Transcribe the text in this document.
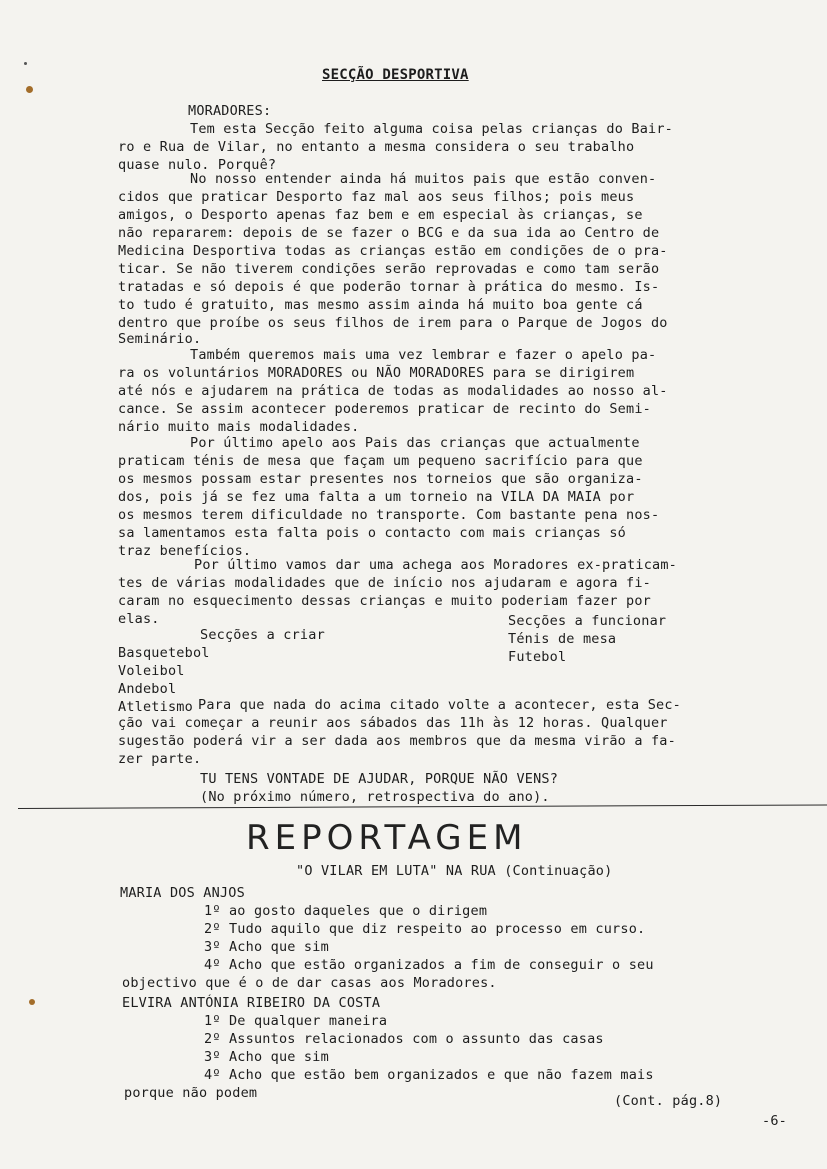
SECÇÃO DESPORTIVA
MORADORES:
Tem esta Secção feito alguma coisa pelas crianças do Bair-
ro e Rua de Vilar, no entanto a mesma considera o seu trabalho
quase nulo. Porquê?
No nosso entender ainda há muitos pais que estão conven-
cidos que praticar Desporto faz mal aos seus filhos; pois meus
amigos, o Desporto apenas faz bem e em especial às crianças, se
não repararem: depois de se fazer o BCG e da sua ida ao Centro de
Medicina Desportiva todas as crianças estão em condições de o pra-
ticar. Se não tiverem condições serão reprovadas e como tam serão
tratadas e só depois é que poderão tornar à prática do mesmo. Is-
to tudo é gratuito, mas mesmo assim ainda há muito boa gente cá
dentro que proíbe os seus filhos de irem para o Parque de Jogos do
Seminário.
Também queremos mais uma vez lembrar e fazer o apelo pa-
ra os voluntários MORADORES ou NÃO MORADORES para se dirigirem
até nós e ajudarem na prática de todas as modalidades ao nosso al-
cance. Se assim acontecer poderemos praticar de recinto do Semi-
nário muito mais modalidades.
Por último apelo aos Pais das crianças que actualmente
praticam ténis de mesa que façam um pequeno sacrifício para que
os mesmos possam estar presentes nos torneios que são organiza-
dos, pois já se fez uma falta a um torneio na VILA DA MAIA por
os mesmos terem dificuldade no transporte. Com bastante pena nos-
sa lamentamos esta falta pois o contacto com mais crianças só
traz benefícios.
Por último vamos dar uma achega aos Moradores ex-praticam-
tes de várias modalidades que de início nos ajudaram e agora fi-
caram no esquecimento dessas crianças e muito poderiam fazer por
elas.
Secções a criar
Basquetebol
Voleibol
Andebol
Atletismo
Secções a funcionar
Ténis de mesa
Futebol
Para que nada do acima citado volte a acontecer, esta Sec-
ção vai começar a reunir aos sábados das 11h às 12 horas. Qualquer
sugestão poderá vir a ser dada aos membros que da mesma virão a fa-
zer parte.
TU TENS VONTADE DE AJUDAR, PORQUE NÃO VENS?
(No próximo número, retrospectiva do ano).
REPORTAGEM
"O VILAR EM LUTA" NA RUA (Continuação)
MARIA DOS ANJOS
1º ao gosto daqueles que o dirigem
2º Tudo aquilo que diz respeito ao processo em curso.
3º Acho que sim
4º Acho que estão organizados a fim de conseguir o seu
objectivo que é o de dar casas aos Moradores.
ELVIRA ANTÓNIA RIBEIRO DA COSTA
1º De qualquer maneira
2º Assuntos relacionados com o assunto das casas
3º Acho que sim
4º Acho que estão bem organizados e que não fazem mais
porque não podem	(Cont. pág.8)
-6-
